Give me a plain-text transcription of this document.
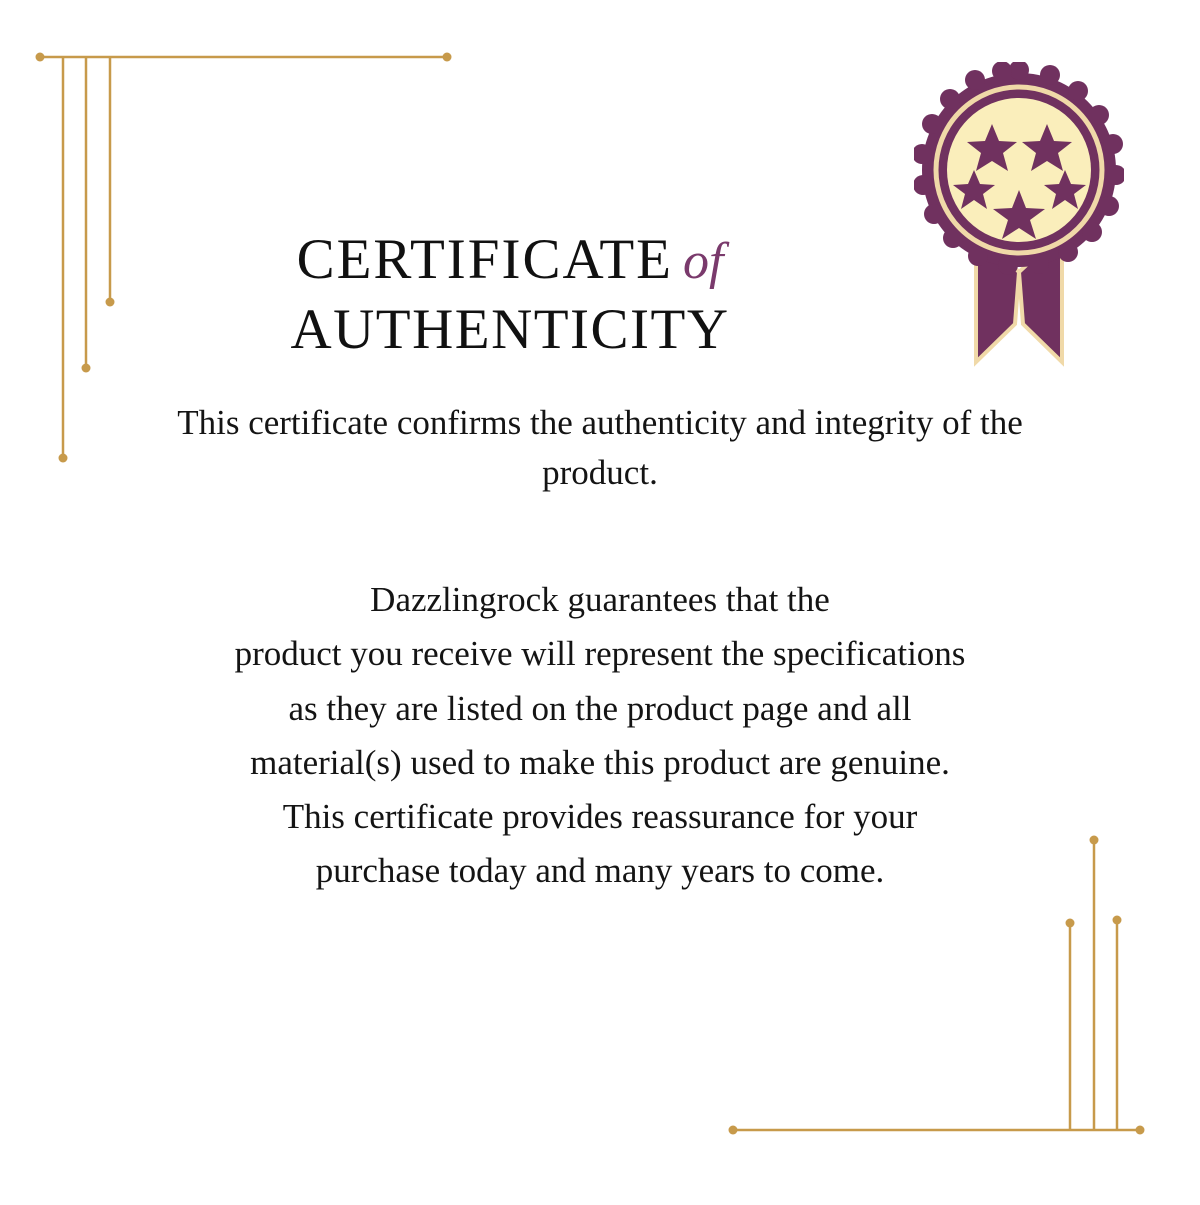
CERTIFICATE of
AUTHENTICITY
This certificate confirms the authenticity and integrity of the product.
Dazzlingrock guarantees that the
product you receive will represent the specifications
as they are listed on the product page and all
material(s) used to make this product are genuine.
This certificate provides reassurance for your
purchase today and many years to come.
